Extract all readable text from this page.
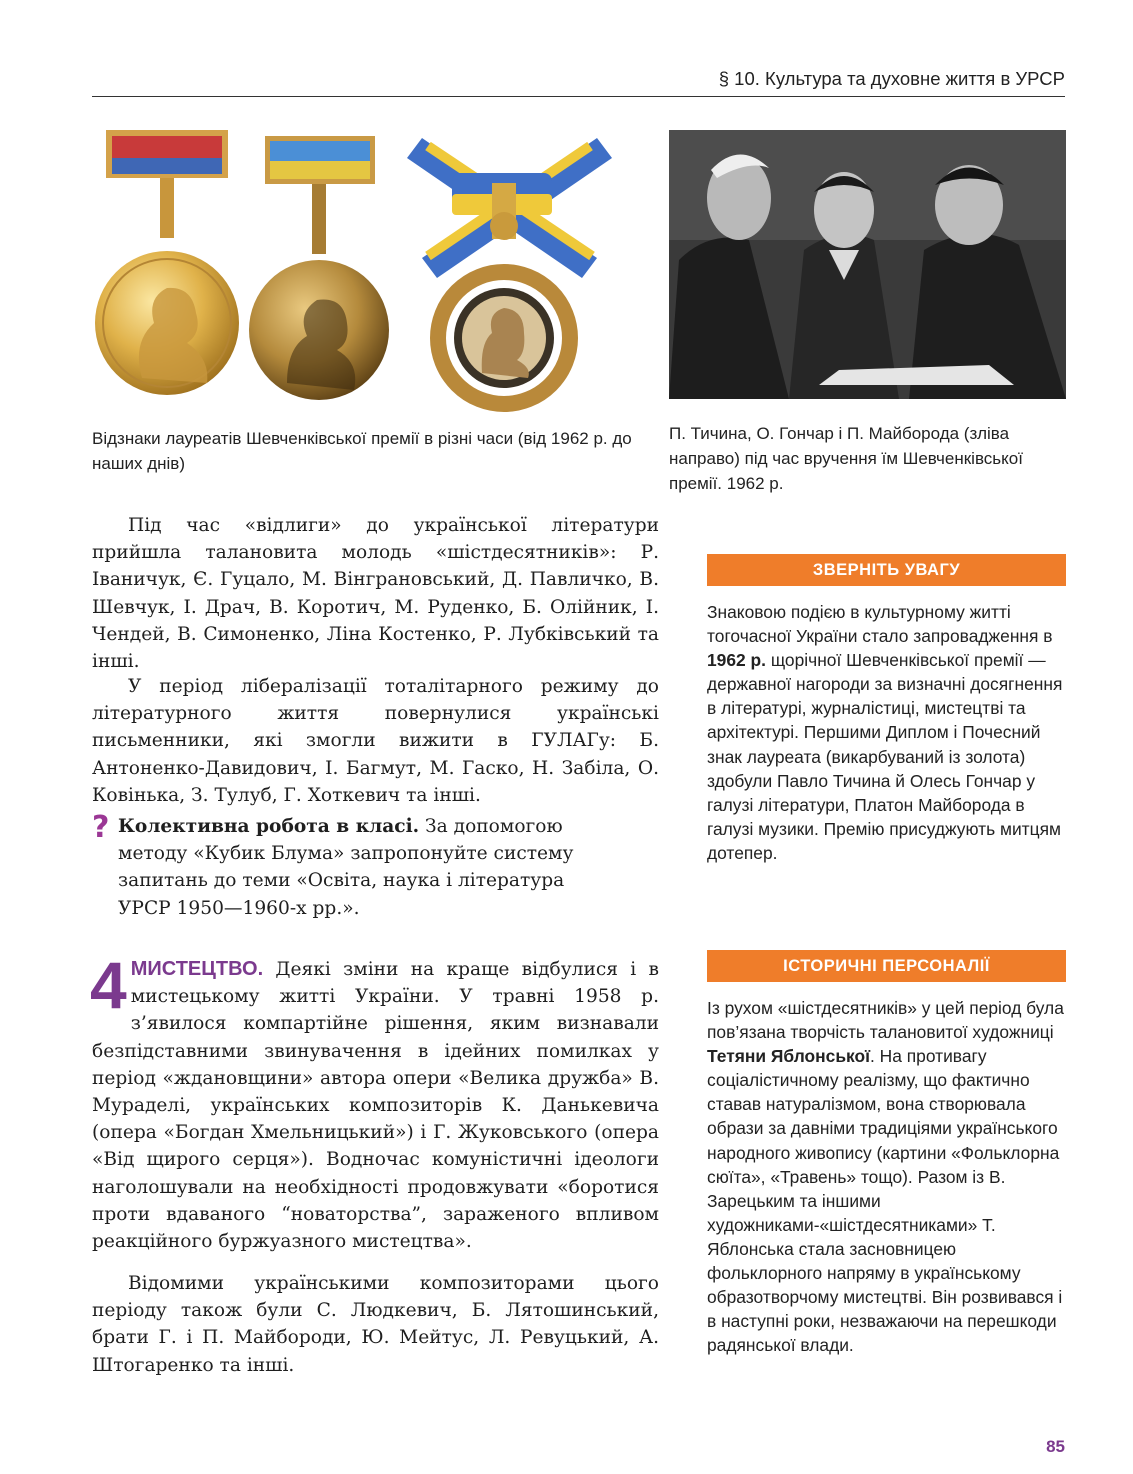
§ 10. Культура та духовне життя в УРСР
Відзнаки лауреатів Шевченківської премії в різні часи (від 1962 р. до наших днів)
П. Тичина, О. Гончар і П. Майборода (зліва направо) під час вручення їм Шевченківської премії. 1962 р.

Під час «відлиги» до української літератури прийшла талановита молодь «шістдесятників»: Р. Іваничук, Є. Гуцало, М. Вінграновський, Д. Павличко, В. Шевчук, І. Драч, В. Коротич, М. Руденко, Б. Олійник, І. Чендей, В. Симоненко, Ліна Костенко, Р. Лубківський та інші.

У період лібералізації тоталітарного режиму до літературного життя повернулися українські письменники, які змогли вижити в ГУЛАГу: Б. Антоненко-Давидович, І. Багмут, М. Гаско, Н. Забіла, О. Ковінька, З. Тулуб, Г. Хоткевич та інші.

? Колективна робота в класі. За допомогою методу «Кубик Блума» запропонуйте систему запитань до теми «Освіта, наука і література УРСР 1950—1960-х рр.».
4 МИСТЕЦТВО. Деякі зміни на краще відбулися і в мистецькому житті України. У травні 1958 р. з’явилося компартійне рішення, яким визнавали безпідставними звинувачення в ідейних помилках у період «ждановщини» автора опери «Велика дружба» В. Мураделі, українських композиторів К. Данькевича (опера «Богдан Хмельницький») і Г. Жуковського (опера «Від щирого серця»). Водночас комуністичні ідеологи наголошували на необхідності продовжувати «боротися проти вдаваного “новаторства”, зараженого впливом реакційного буржуазного мистецтва».

Відомими українськими композиторами цього періоду також були С. Людкевич, Б. Лятошинський, брати Г. і П. Майбороди, Ю. Мейтус, Л. Ревуцький, А. Штогаренко та інші.

ЗВЕРНІТЬ УВАГУ
Знаковою подією в культурному житті тогочасної України стало запровадження в 1962 р. щорічної Шевченківської премії — державної нагороди за визначні досягнення в літературі, журналістиці, мистецтві та архітектурі. Першими Диплом і Почесний знак лауреата (викарбуваний із золота) здобули Павло Тичина й Олесь Гончар у галузі літератури, Платон Майборода в галузі музики. Премію присуджують митцям дотепер.
ІСТОРИЧНІ ПЕРСОНАЛІЇ
Із рухом «шістдесятників» у цей період була пов’язана творчість талановитої художниці Тетяни Яблонської. На противагу соціалістичному реалізму, що фактично ставав натуралізмом, вона створювала образи за давніми традиціями українського народного живопису (картини «Фольклорна сюїта», «Травень» тощо). Разом із В. Зарецьким та іншими художниками-«шістдесятниками» Т. Яблонська стала засновницею фольклорного напряму в українському образотворчому мистецтві. Він розвивався і в наступні роки, незважаючи на перешкоди радянської влади.
85
